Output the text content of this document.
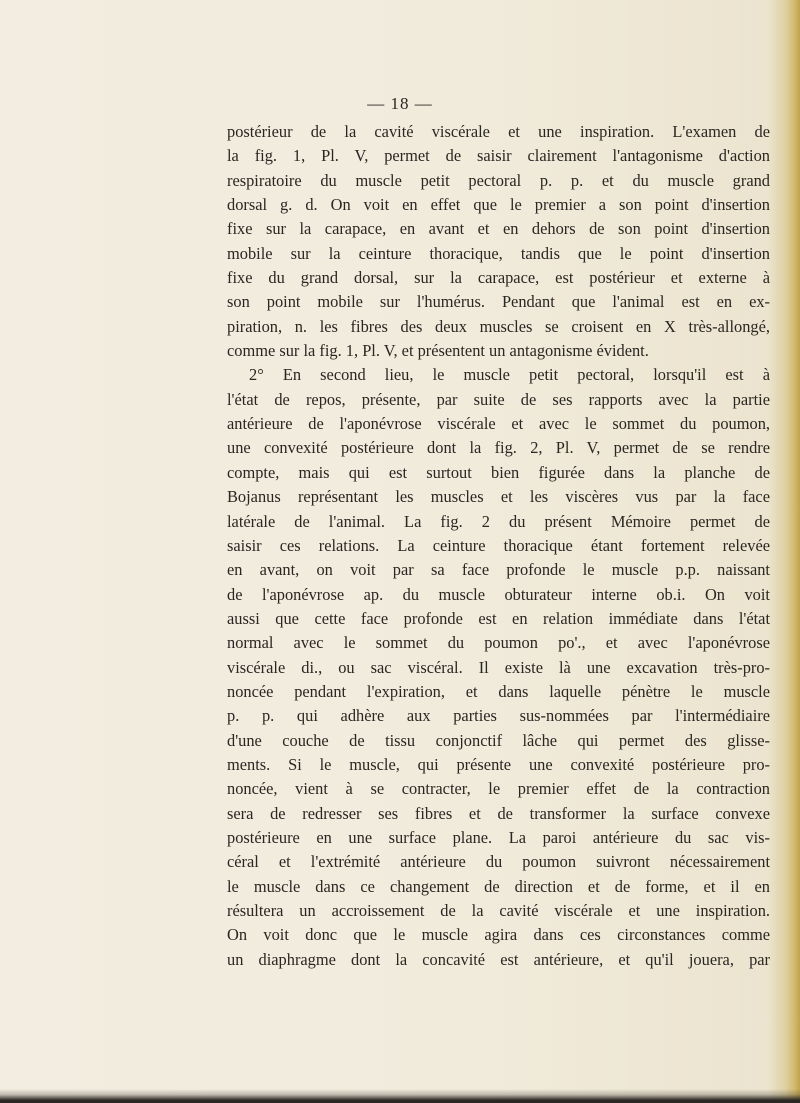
— 18 —
postérieur de la cavité viscérale et une inspiration. L'examen de
la fig. 1, Pl. V, permet de saisir clairement l'antagonisme d'action
respiratoire du muscle petit pectoral p. p. et du muscle grand
dorsal g. d. On voit en effet que le premier a son point d'insertion
fixe sur la carapace, en avant et en dehors de son point d'insertion
mobile sur la ceinture thoracique, tandis que le point d'insertion
fixe du grand dorsal, sur la carapace, est postérieur et externe à
son point mobile sur l'humérus. Pendant que l'animal est en ex-
piration, n. les fibres des deux muscles se croisent en X très-allongé,
comme sur la fig. 1, Pl. V, et présentent un antagonisme évident.
2° En second lieu, le muscle petit pectoral, lorsqu'il est à
l'état de repos, présente, par suite de ses rapports avec la partie
antérieure de l'aponévrose viscérale et avec le sommet du poumon,
une convexité postérieure dont la fig. 2, Pl. V, permet de se rendre
compte, mais qui est surtout bien figurée dans la planche de
Bojanus représentant les muscles et les viscères vus par la face
latérale de l'animal. La fig. 2 du présent Mémoire permet de
saisir ces relations. La ceinture thoracique étant fortement relevée
en avant, on voit par sa face profonde le muscle p.p. naissant
de l'aponévrose ap. du muscle obturateur interne ob.i. On voit
aussi que cette face profonde est en relation immédiate dans l'état
normal avec le sommet du poumon po'., et avec l'aponévrose
viscérale di., ou sac viscéral. Il existe là une excavation très-pro-
noncée pendant l'expiration, et dans laquelle pénètre le muscle
p. p. qui adhère aux parties sus-nommées par l'intermédiaire
d'une couche de tissu conjonctif lâche qui permet des glisse-
ments. Si le muscle, qui présente une convexité postérieure pro-
noncée, vient à se contracter, le premier effet de la contraction
sera de redresser ses fibres et de transformer la surface convexe
postérieure en une surface plane. La paroi antérieure du sac vis-
céral et l'extrémité antérieure du poumon suivront nécessairement
le muscle dans ce changement de direction et de forme, et il en
résultera un accroissement de la cavité viscérale et une inspiration.
On voit donc que le muscle agira dans ces circonstances comme
un diaphragme dont la concavité est antérieure, et qu'il jouera, par
